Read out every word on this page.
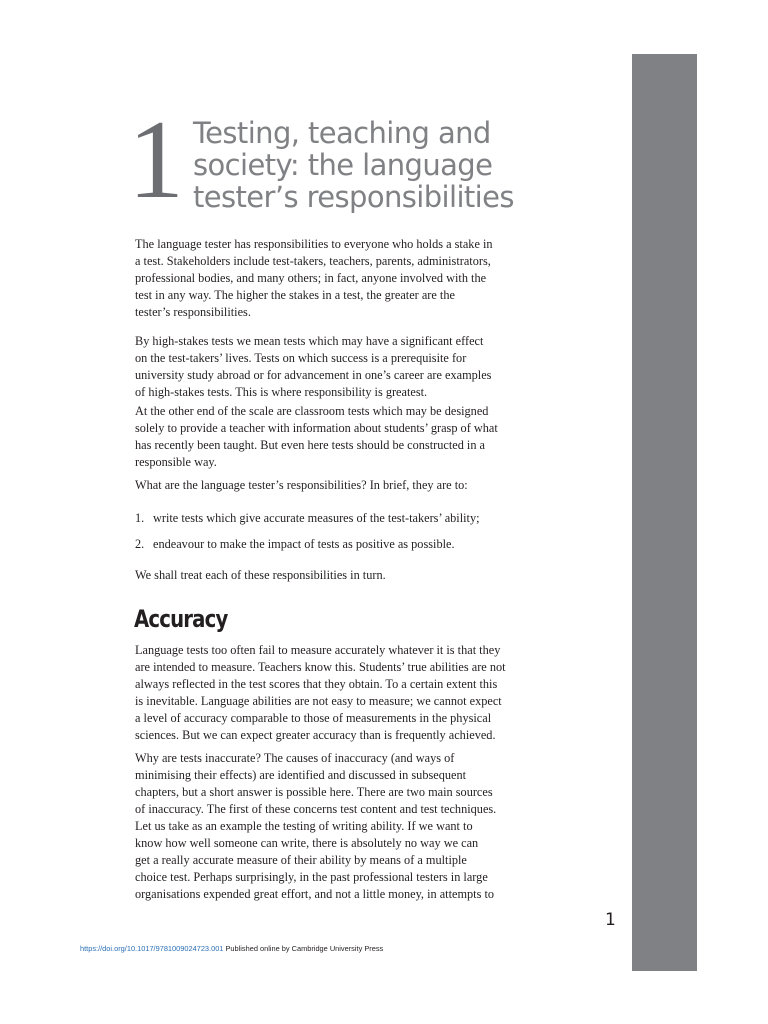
1 Testing, teaching and
society: the language
tester’s responsibilities

The language tester has responsibilities to everyone who holds a stake in
a test. Stakeholders include test-takers, teachers, parents, administrators,
professional bodies, and many others; in fact, anyone involved with the
test in any way. The higher the stakes in a test, the greater are the
tester’s responsibilities.

By high-stakes tests we mean tests which may have a significant effect
on the test-takers’ lives. Tests on which success is a prerequisite for
university study abroad or for advancement in one’s career are examples
of high-stakes tests. This is where responsibility is greatest.

At the other end of the scale are classroom tests which may be designed
solely to provide a teacher with information about students’ grasp of what
has recently been taught. But even here tests should be constructed in a
responsible way.

What are the language tester’s responsibilities? In brief, they are to:

1. write tests which give accurate measures of the test-takers’ ability;
2. endeavour to make the impact of tests as positive as possible.

We shall treat each of these responsibilities in turn.

Accuracy

Language tests too often fail to measure accurately whatever it is that they
are intended to measure. Teachers know this. Students’ true abilities are not
always reflected in the test scores that they obtain. To a certain extent this
is inevitable. Language abilities are not easy to measure; we cannot expect
a level of accuracy comparable to those of measurements in the physical
sciences. But we can expect greater accuracy than is frequently achieved.

Why are tests inaccurate? The causes of inaccuracy (and ways of
minimising their effects) are identified and discussed in subsequent
chapters, but a short answer is possible here. There are two main sources
of inaccuracy. The first of these concerns test content and test techniques.
Let us take as an example the testing of writing ability. If we want to
know how well someone can write, there is absolutely no way we can
get a really accurate measure of their ability by means of a multiple
choice test. Perhaps surprisingly, in the past professional testers in large
organisations expended great effort, and not a little money, in attempts to

1
https://doi.org/10.1017/9781009024723.001 Published online by Cambridge University Press
